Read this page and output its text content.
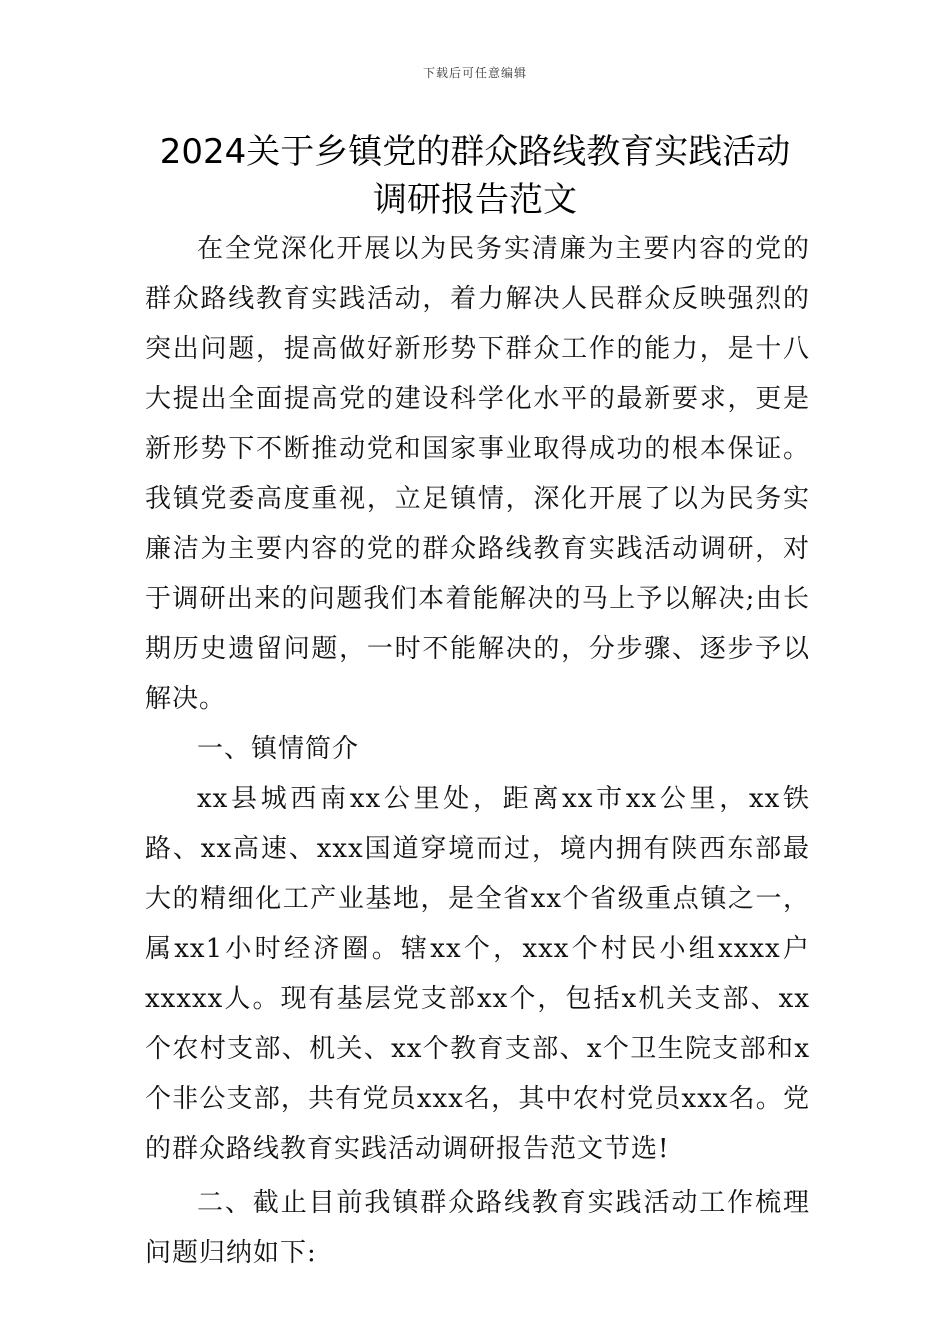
下载后可任意编辑
2024关于乡镇党的群众路线教育实践活动
调研报告范文

在全党深化开展以为民务实清廉为主要内容的党的群众路线教育实践活动，着力解决人民群众反映强烈的突出问题，提高做好新形势下群众工作的能力，是十八大提出全面提高党的建设科学化水平的最新要求，更是新形势下不断推动党和国家事业取得成功的根本保证。我镇党委高度重视，立足镇情，深化开展了以为民务实廉洁为主要内容的党的群众路线教育实践活动调研，对于调研出来的问题我们本着能解决的马上予以解决;由长期历史遗留问题，一时不能解决的，分步骤、逐步予以解决。

一、镇情简介

xx县城西南xx公里处，距离xx市xx公里，xx铁路、xx高速、xxx国道穿境而过，境内拥有陕西东部最大的精细化工产业基地，是全省xx个省级重点镇之一，属xx1小时经济圈。辖xx个，xxx个村民小组xxxx户xxxxx人。现有基层党支部xx个，包括x机关支部、xx个农村支部、机关、xx个教育支部、x个卫生院支部和x个非公支部，共有党员xxx名，其中农村党员xxx名。党的群众路线教育实践活动调研报告范文节选!

二、截止目前我镇群众路线教育实践活动工作梳理问题归纳如下:
